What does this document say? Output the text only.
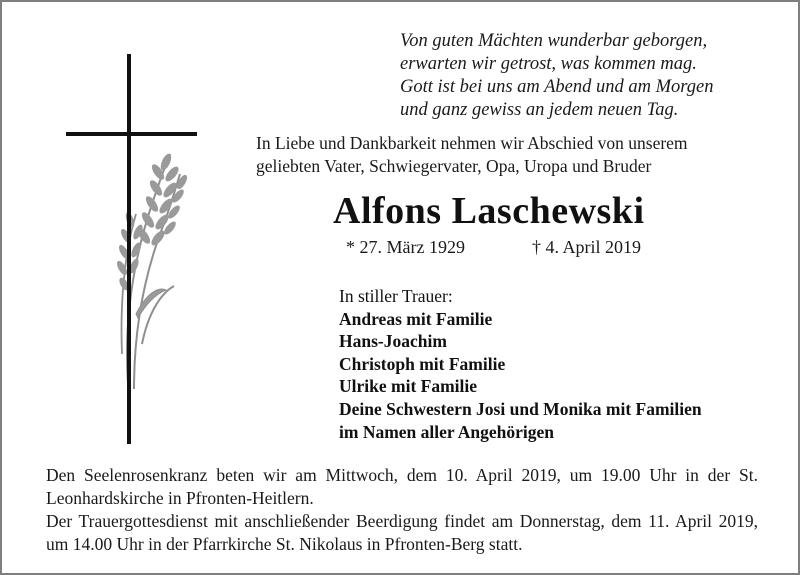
Von guten Mächten wunderbar geborgen,
erwarten wir getrost, was kommen mag.
Gott ist bei uns am Abend und am Morgen
und ganz gewiss an jedem neuen Tag.
In Liebe und Dankbarkeit nehmen wir Abschied von unserem
geliebten Vater, Schwiegervater, Opa, Uropa und Bruder
Alfons Laschewski
* 27. März 1929	† 4. April 2019
In stiller Trauer:
Andreas mit Familie
Hans-Joachim
Christoph mit Familie
Ulrike mit Familie
Deine Schwestern Josi und Monika mit Familien
im Namen aller Angehörigen
Den Seelenrosenkranz beten wir am Mittwoch, dem 10. April 2019, um 19.00 Uhr in der St. Leonhardskirche in Pfronten-Heitlern.
Der Trauergottesdienst mit anschließender Beerdigung findet am Donnerstag, dem 11. April 2019, um 14.00 Uhr in der Pfarrkirche St. Nikolaus in Pfronten-Berg statt.
